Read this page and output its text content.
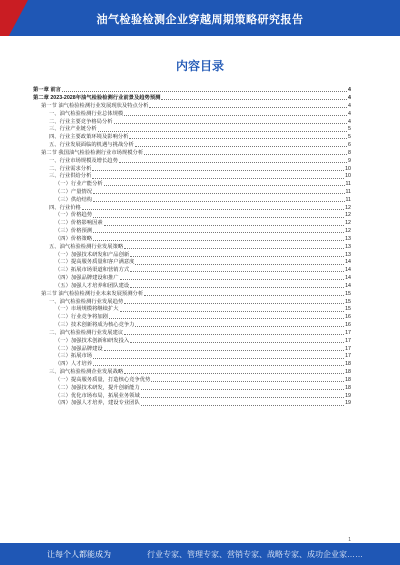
油气检验检测企业穿越周期策略研究报告
内容目录
第一章 前言	4
第二章 2023-2028年油气检验检测行业前景及趋势预测	4
第一节 油气检验检测行业发展现状及特点分析	4
一、油气检验检测行业总体规模	4
二、行业主要竞争格局分析	4
三、行业产业链分析	5
四、行业主要政策环境及影响分析	5
五、行业发展面临的机遇与挑战分析	6
第二节 我国油气检验检测行业市场规模分析	8
一、行业市场规模及增长趋势	9
二、行业需求分析	10
三、行业供给分析	10
（一）行业产能分析	11
（二）产量情况	11
（三）供给结构	11
四、行业价格	12
（一）价格趋势	12
（二）价格影响因素	12
（三）价格预测	12
（四）价格策略	13
五、油气检验检测行业发展策略	13
（一）加强技术研发和产品创新	13
（二）提高服务质量和客户满意度	14
（三）拓展市场渠道和营销方式	14
（四）加强品牌建设和推广	14
（五）加强人才培养和团队建设	14
第三节 油气检验检测行业未来发展预测分析	15
一、油气检验检测行业发展趋势	15
（一）市场规模将继续扩大	15
（二）行业竞争将加剧	16
（三）技术创新将成为核心竞争力	16
二、油气检验检测行业发展建议	17
（一）加强技术创新和研发投入	17
（二）加强品牌建设	17
（三）拓展市场	17
（四）人才培养	18
三、油气检验检测企业发展战略	18
（一）提高服务质量，打造核心竞争优势	18
（二）加强技术研发，提升创新能力	18
（三）优化市场布局，拓展业务领域	19
（四）加强人才培养，建设专业团队	19
1
让每个人都能成为	行业专家、管理专家、营销专家、战略专家、成功企业家……
